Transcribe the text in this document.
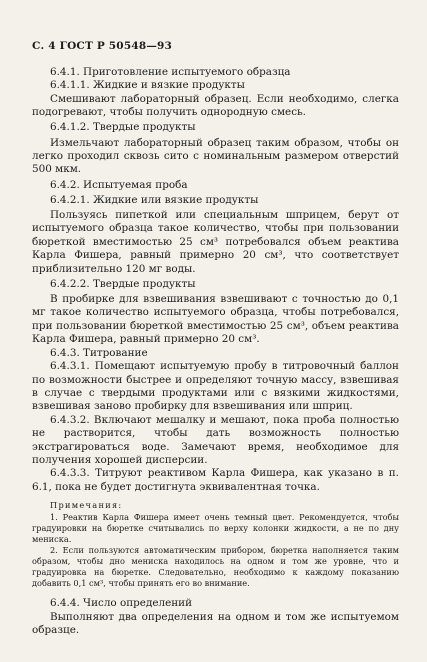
С. 4 ГОСТ Р 50548—93

6.4.1. Приготовление испытуемого образца

6.4.1.1. Жидкие и вязкие продукты

Смешивают лабораторный образец. Если необходимо, слегка подогревают, чтобы получить однородную смесь.

6.4.1.2. Твердые продукты

Измельчают лабораторный образец таким образом, чтобы он легко проходил сквозь сито с номинальным размером отверстий 500 мкм.

6.4.2. Испытуемая проба

6.4.2.1. Жидкие или вязкие продукты

Пользуясь пипеткой или специальным шприцем, берут от испытуемого образца такое количество, чтобы при пользовании бюреткой вместимостью 25 см³ потребовался объем реактива Карла Фишера, равный примерно 20 см³, что соответствует приблизительно 120 мг воды.

6.4.2.2. Твердые продукты

В пробирке для взвешивания взвешивают с точностью до 0,1 мг такое количество испытуемого образца, чтобы потребовался, при пользовании бюреткой вместимостью 25 см³, объем реактива Карла Фишера, равный примерно 20 см³.

6.4.3. Титрование

6.4.3.1. Помещают испытуемую пробу в титровочный баллон по возможности быстрее и определяют точную массу, взвешивая в случае с твердыми продуктами или с вязкими жидкостями, взвешивая заново пробирку для взвешивания или шприц.

6.4.3.2. Включают мешалку и мешают, пока проба полностью не растворится, чтобы дать возможность полностью экстрагироваться воде. Замечают время, необходимое для получения хорошей дисперсии.

6.4.3.3. Титруют реактивом Карла Фишера, как указано в п. 6.1, пока не будет достигнута эквивалентная точка.

Примечания:

1. Реактив Карла Фишера имеет очень темный цвет. Рекомендуется, чтобы градуировки на бюретке считывались по верху колонки жидкости, а не по дну мениска.

2. Если пользуются автоматическим прибором, бюретка наполняется таким образом, чтобы дно мениска находилось на одном и том же уровне, что и градуировка на бюретке. Следовательно, необходимо к каждому показанию добавить 0,1 см³, чтобы принять его во внимание.

6.4.4. Число определений

Выполняют два определения на одном и том же испытуемом образце.
